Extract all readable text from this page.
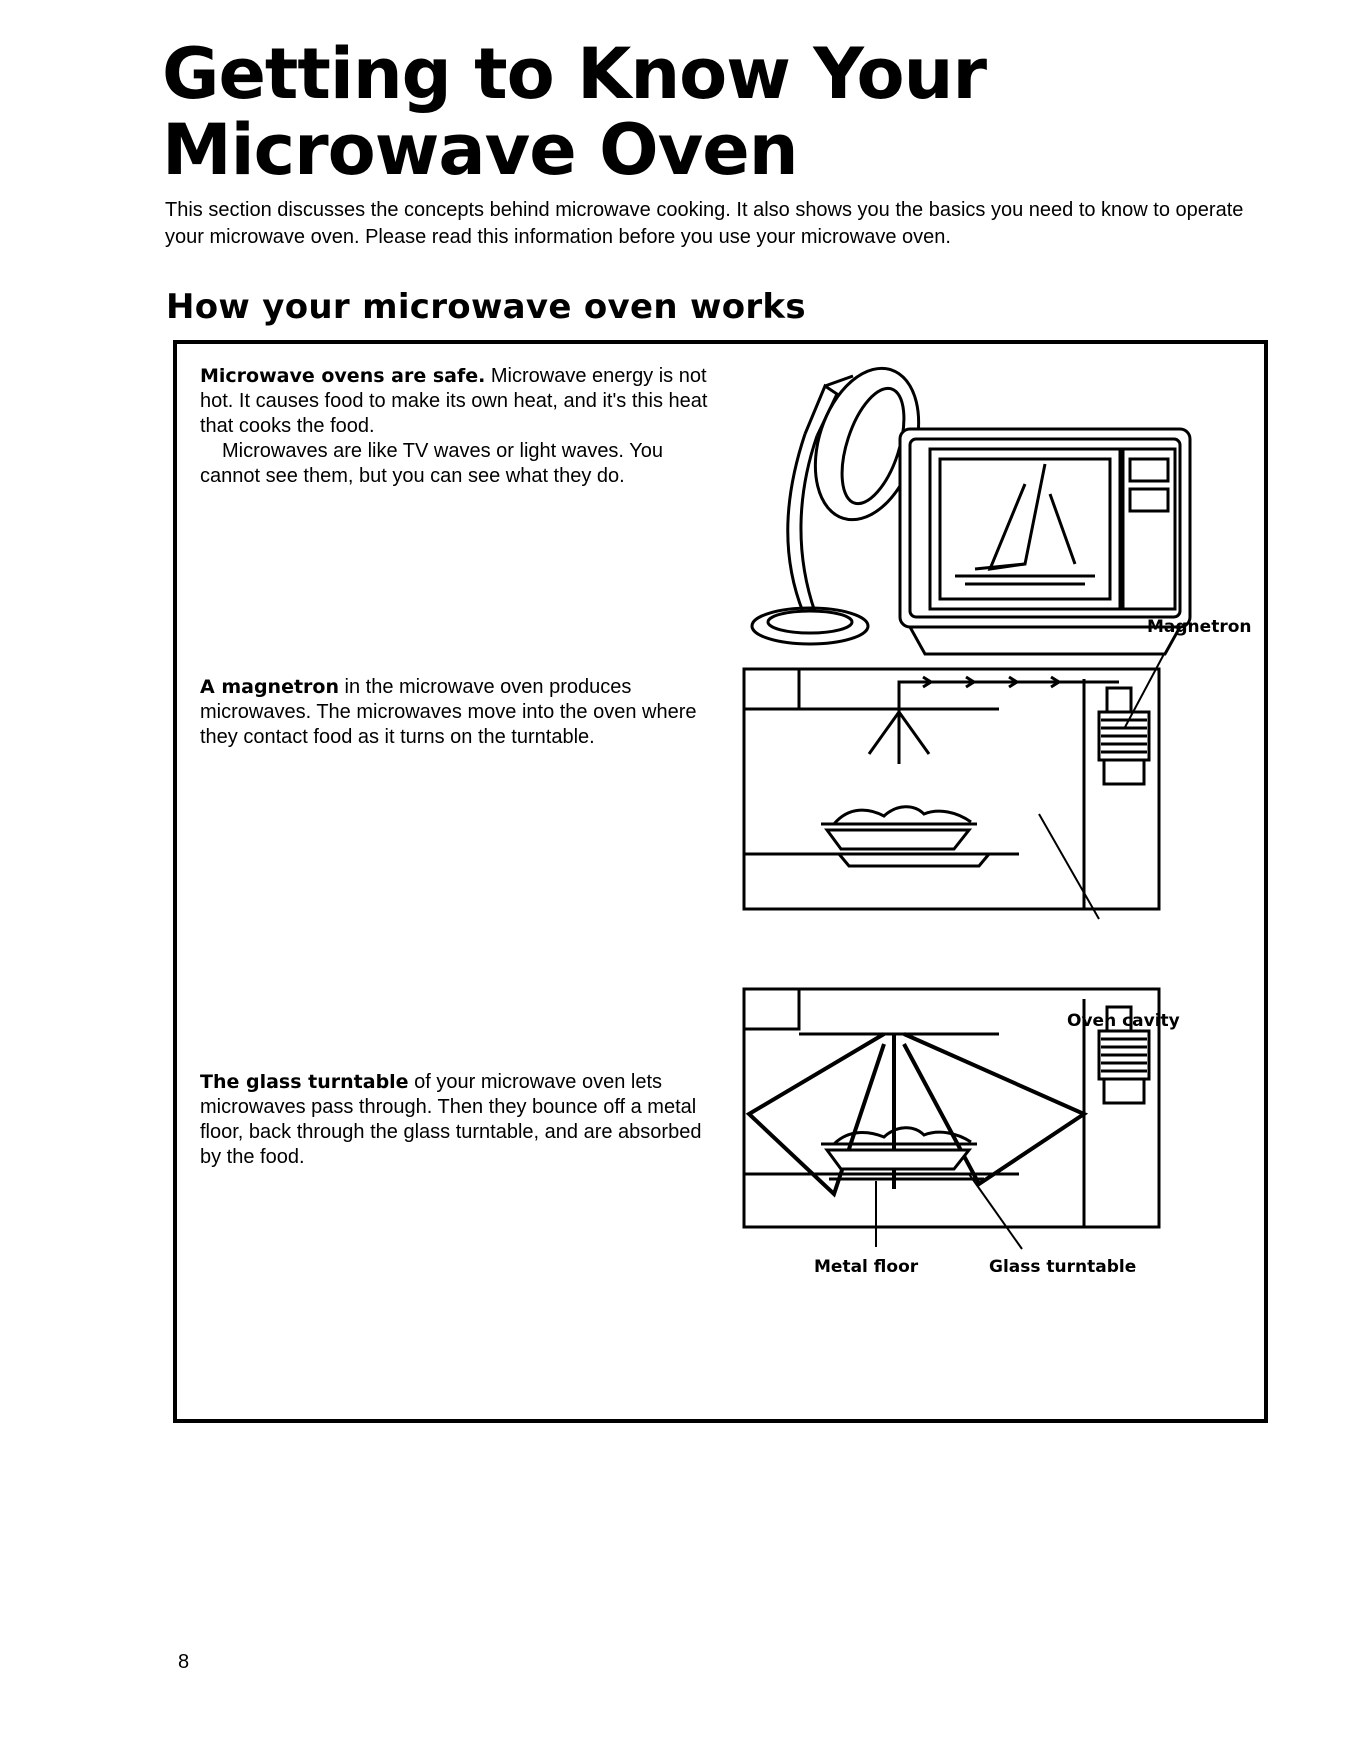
Getting to Know Your
Microwave Oven

This section discusses the concepts behind microwave cooking. It also shows you the basics you need to know to operate your microwave oven. Please read this information before you use your microwave oven.

How your microwave oven works

Microwave ovens are safe. Microwave energy is not hot. It causes food to make its own heat, and it's this heat that cooks the food.
Microwaves are like TV waves or light waves. You cannot see them, but you can see what they do.

A magnetron in the microwave oven produces microwaves. The microwaves move into the oven where they contact food as it turns on the turntable.

The glass turntable of your microwave oven lets microwaves pass through. Then they bounce off a metal floor, back through the glass turntable, and are absorbed by the food.

Magnetron
Oven cavity
Metal floor	Glass turntable
8
